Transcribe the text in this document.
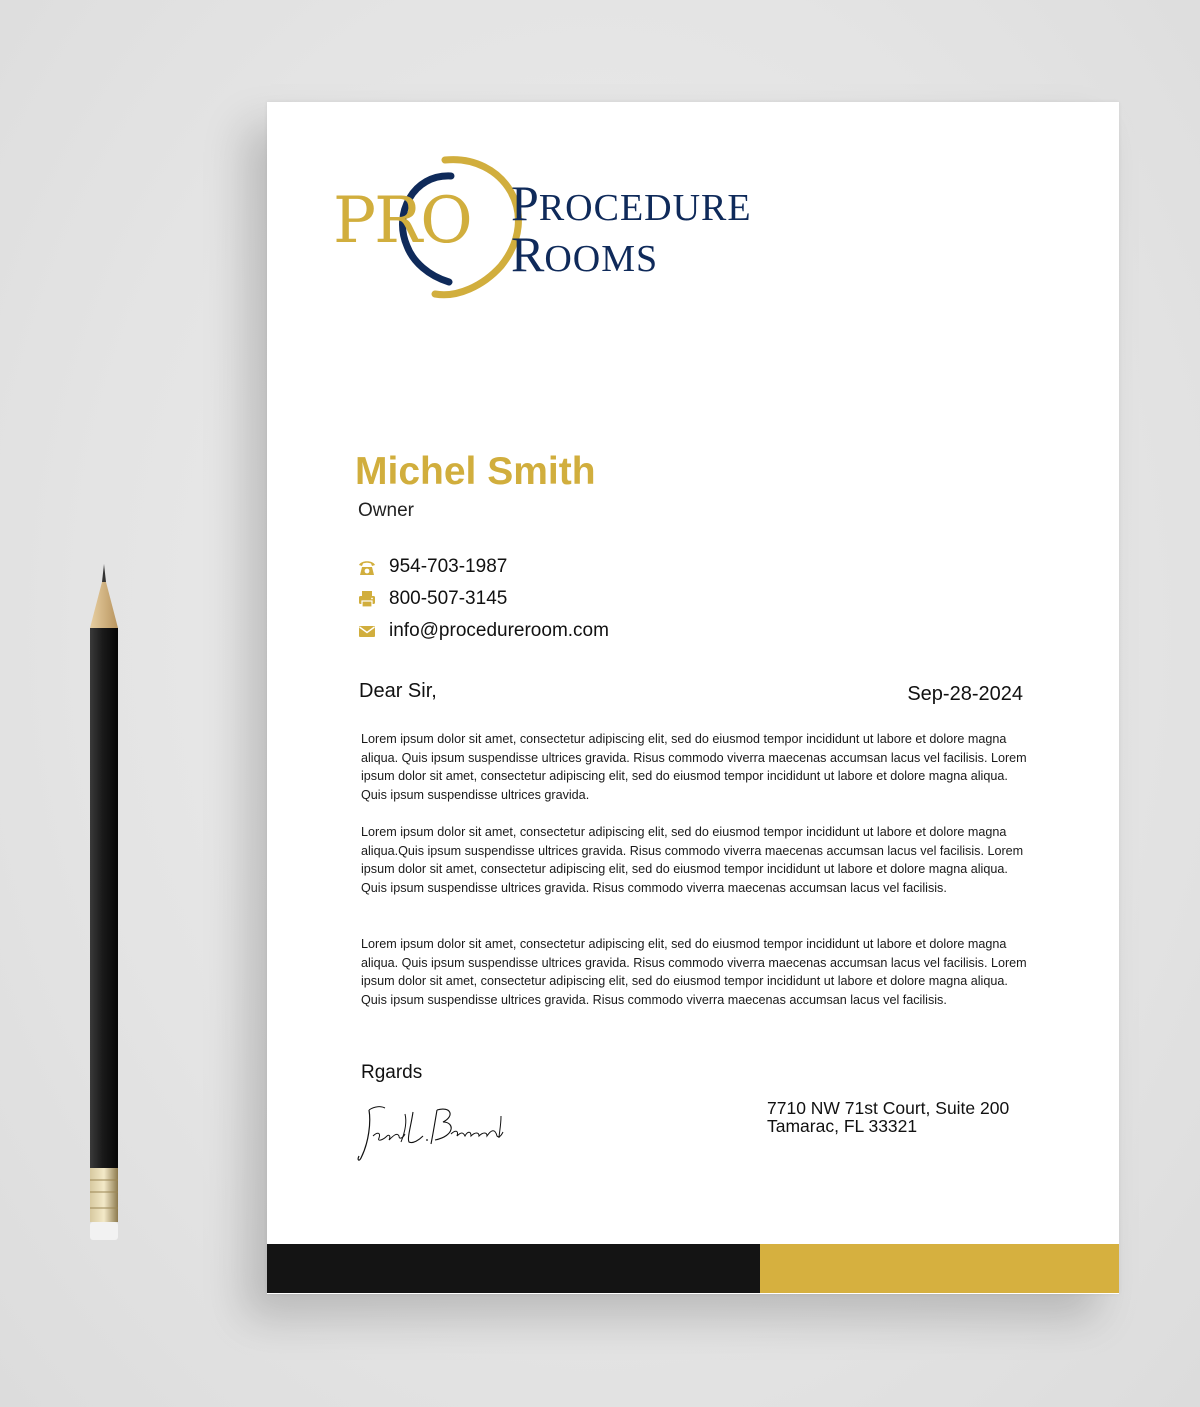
PRO PROCEDURE
ROOMS
Michel Smith
Owner
954-703-1987
800-507-3145
info@procedureroom.com
Dear Sir,	Sep-28-2024

Lorem ipsum dolor sit amet, consectetur adipiscing elit, sed do eiusmod tempor incididunt ut labore et dolore magna aliqua. Quis ipsum suspendisse ultrices gravida. Risus commodo viverra maecenas accumsan lacus vel facilisis. Lorem ipsum dolor sit amet, consectetur adipiscing elit, sed do eiusmod tempor incididunt ut labore et dolore magna aliqua. Quis ipsum suspendisse ultrices gravida.

Lorem ipsum dolor sit amet, consectetur adipiscing elit, sed do eiusmod tempor incididunt ut labore et dolore magna aliqua.Quis ipsum suspendisse ultrices gravida. Risus commodo viverra maecenas accumsan lacus vel facilisis. Lorem ipsum dolor sit amet, consectetur adipiscing elit, sed do eiusmod tempor incididunt ut labore et dolore magna aliqua. Quis ipsum suspendisse ultrices gravida. Risus commodo viverra maecenas accumsan lacus vel facilisis.

Lorem ipsum dolor sit amet, consectetur adipiscing elit, sed do eiusmod tempor incididunt ut labore et dolore magna aliqua. Quis ipsum suspendisse ultrices gravida. Risus commodo viverra maecenas accumsan lacus vel facilisis. Lorem ipsum dolor sit amet, consectetur adipiscing elit, sed do eiusmod tempor incididunt ut labore et dolore magna aliqua. Quis ipsum suspendisse ultrices gravida. Risus commodo viverra maecenas accumsan lacus vel facilisis.

Rgards
7710 NW 71st Court, Suite 200
Tamarac, FL 33321
